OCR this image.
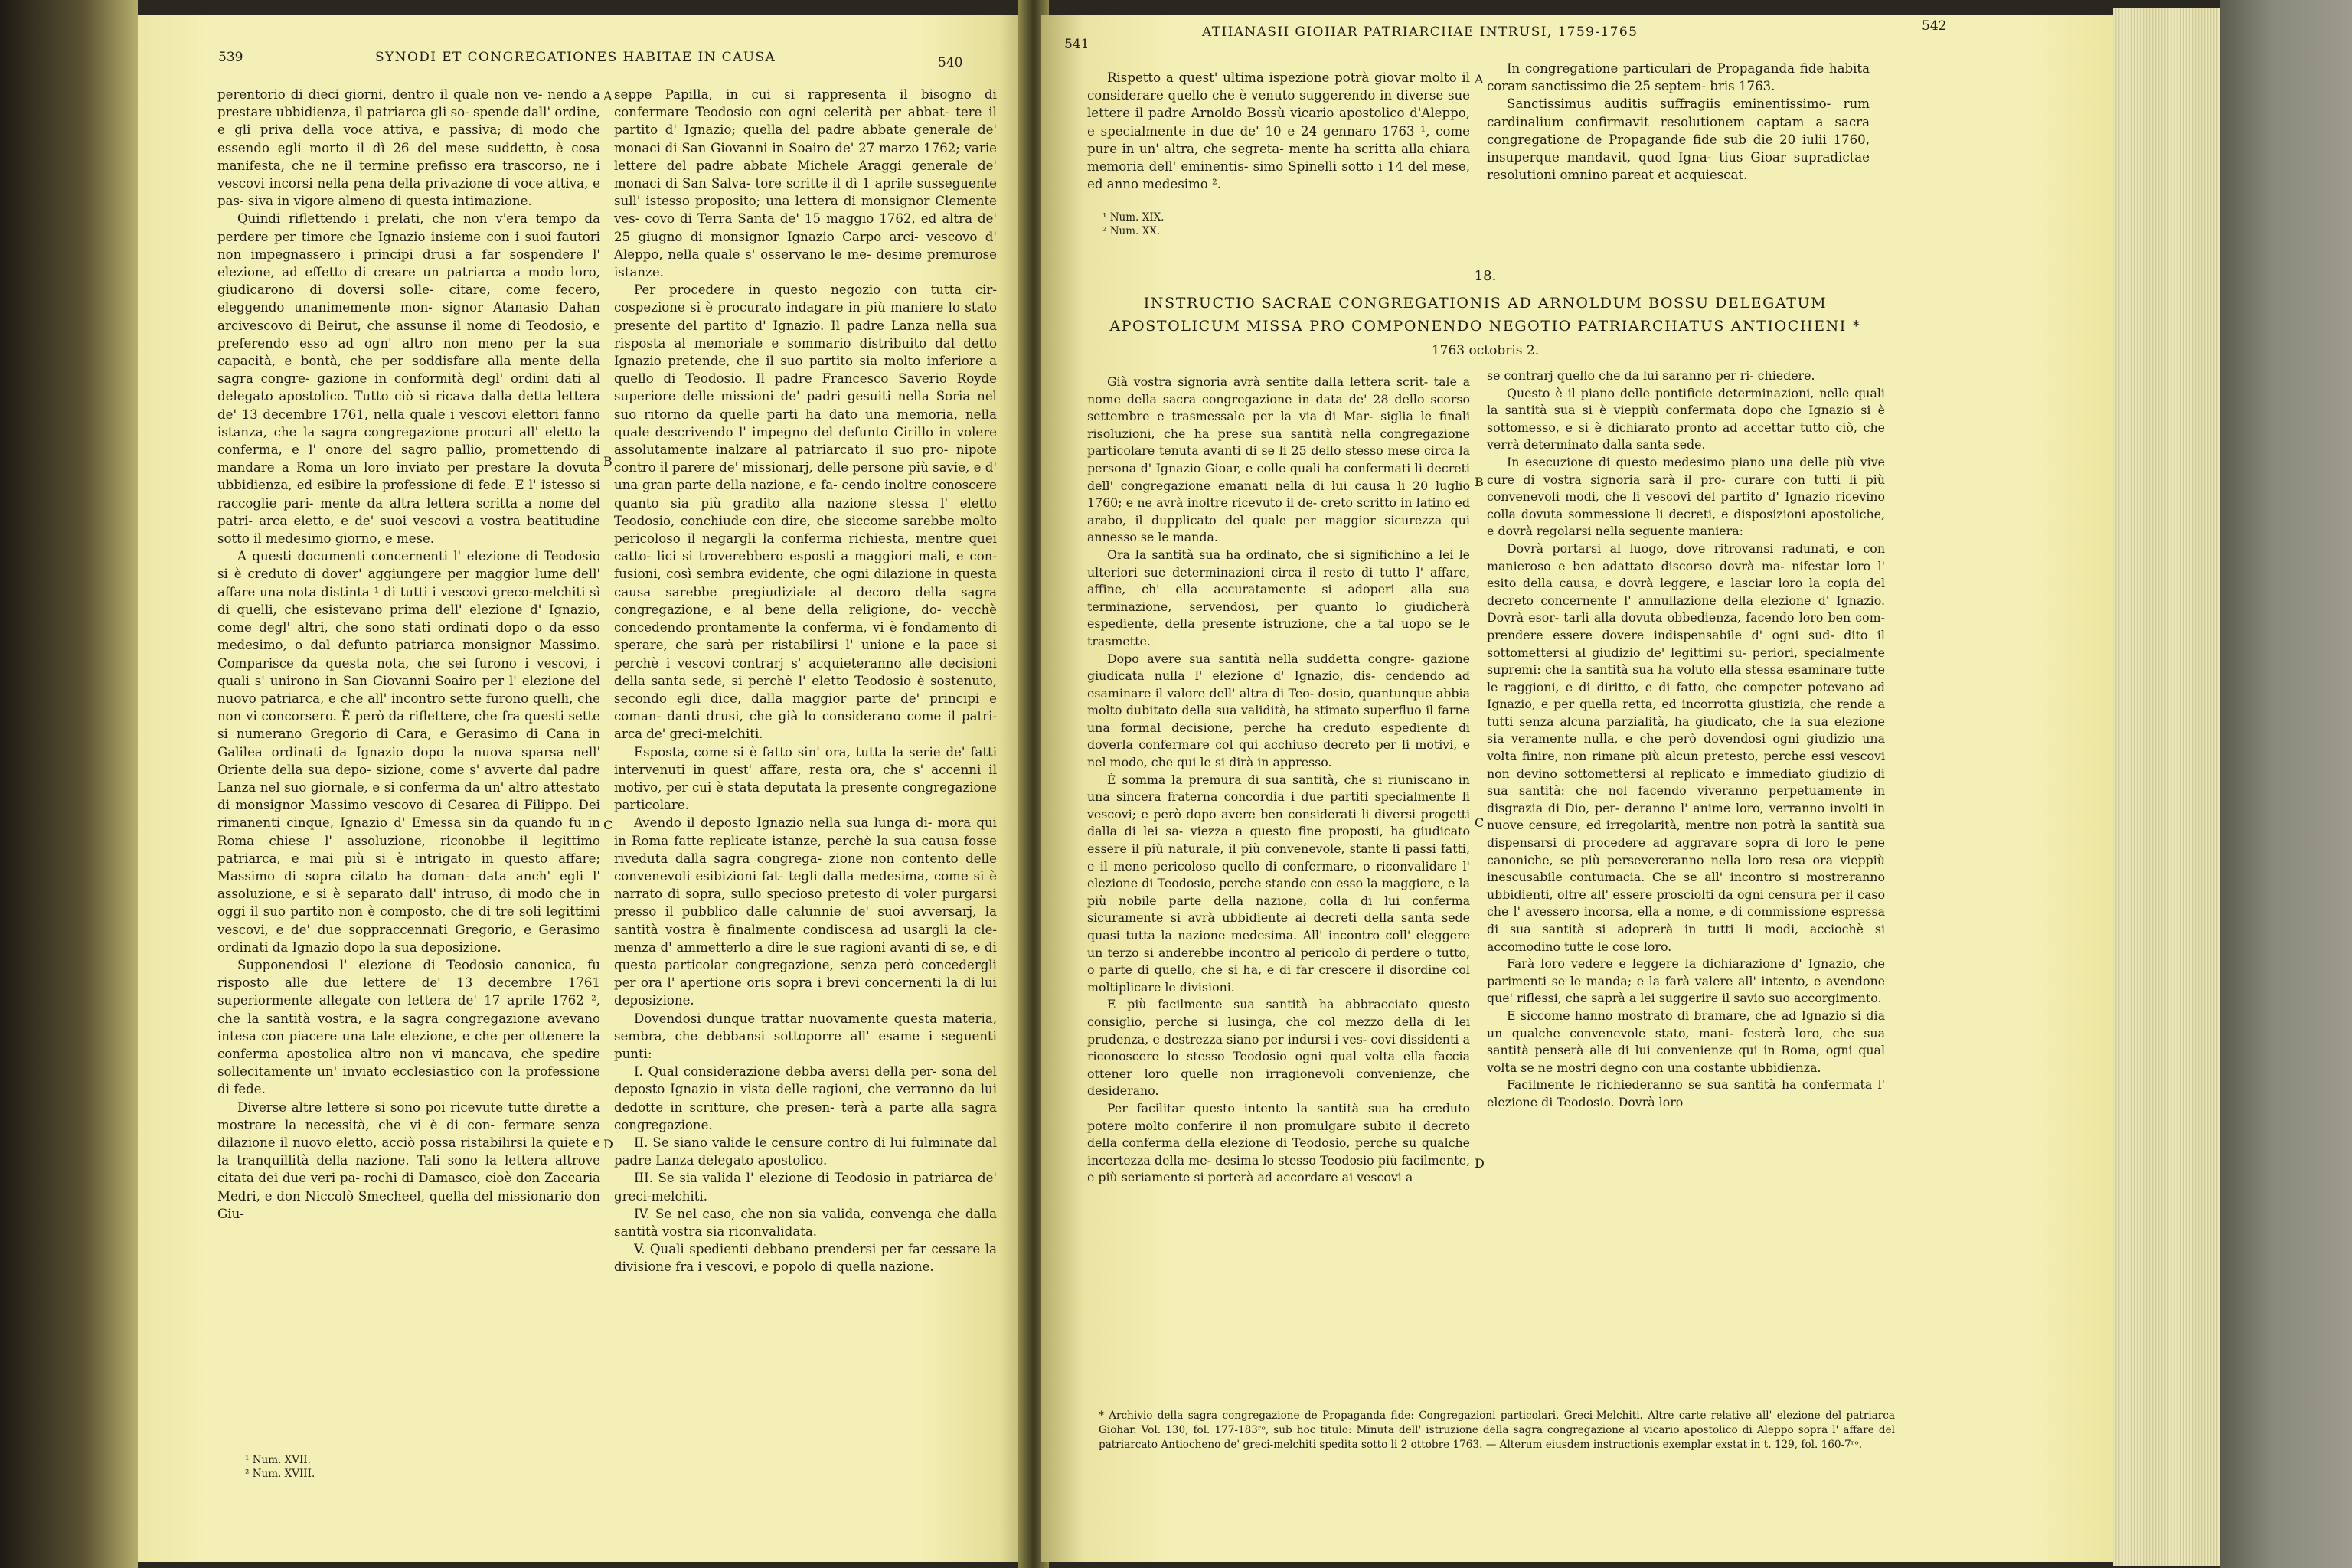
539	SYNODI ET CONGREGATIONES HABITAE IN CAUSA	540

perentorio di dieci giorni, dentro il quale non ve- nendo a prestare ubbidienza, il patriarca gli so- spende dall' ordine, e gli priva della voce attiva, e passiva; di modo che essendo egli morto il dì 26 del mese suddetto, è cosa manifesta, che ne il termine prefisso era trascorso, ne i vescovi incorsi nella pena della privazione di voce attiva, e pas- siva in vigore almeno di questa intimazione.

Quindi riflettendo i prelati, che non v'era tempo da perdere per timore che Ignazio insieme con i suoi fautori non impegnassero i principi drusi a far sospendere l' elezione, ad effetto di creare un patriarca a modo loro, giudicarono di doversi solle- citare, come fecero, eleggendo unanimemente mon- signor Atanasio Dahan arcivescovo di Beirut, che assunse il nome di Teodosio, e preferendo esso ad ogn' altro non meno per la sua capacità, e bontà, che per soddisfare alla mente della sagra congre- gazione in conformità degl' ordini dati al delegato apostolico. Tutto ciò si ricava dalla detta lettera de' 13 decembre 1761, nella quale i vescovi elettori fanno istanza, che la sagra congregazione procuri all' eletto la conferma, e l' onore del sagro pallio, promettendo di mandare a Roma un loro inviato per prestare la dovuta ubbidienza, ed esibire la professione di fede. E l' istesso si raccoglie pari- mente da altra lettera scritta a nome del patri- arca eletto, e de' suoi vescovi a vostra beatitudine sotto il medesimo giorno, e mese.

A questi documenti concernenti l' elezione di Teodosio si è creduto di dover' aggiungere per maggior lume dell' affare una nota distinta ¹ di tutti i vescovi greco-melchiti sì di quelli, che esistevano prima dell' elezione d' Ignazio, come degl' altri, che sono stati ordinati dopo o da esso medesimo, o dal defunto patriarca monsignor Massimo. Comparisce da questa nota, che sei furono i vescovi, i quali s' unirono in San Giovanni Soairo per l' elezione del nuovo patriarca, e che all' incontro sette furono quelli, che non vi concorsero. È però da riflettere, che fra questi sette si numerano Gregorio di Cara, e Gerasimo di Cana in Galilea ordinati da Ignazio dopo la nuova sparsa nell' Oriente della sua depo- sizione, come s' avverte dal padre Lanza nel suo giornale, e si conferma da un' altro attestato di monsignor Massimo vescovo di Cesarea di Filippo. Dei rimanenti cinque, Ignazio d' Emessa sin da quando fu in Roma chiese l' assoluzione, riconobbe il legittimo patriarca, e mai più si è intrigato in questo affare; Massimo di sopra citato ha doman- data anch' egli l' assoluzione, e si è separato dall' intruso, di modo che in oggi il suo partito non è composto, che di tre soli legittimi vescovi, e de' due soppraccennati Gregorio, e Gerasimo ordinati da Ignazio dopo la sua deposizione.

Supponendosi l' elezione di Teodosio canonica, fu risposto alle due lettere de' 13 decembre 1761 superiormente allegate con lettera de' 17 aprile 1762 ², che la santità vostra, e la sagra congregazione avevano intesa con piacere una tale elezione, e che per ottenere la conferma apostolica altro non vi mancava, che spedire sollecitamente un' inviato ecclesiastico con la professione di fede.

Diverse altre lettere si sono poi ricevute tutte dirette a mostrare la necessità, che vi è di con- fermare senza dilazione il nuovo eletto, acciò possa ristabilirsi la quiete e la tranquillità della nazione. Tali sono la lettera altrove citata dei due veri pa- rochi di Damasco, cioè don Zaccaria Medri, e don Niccolò Smecheel, quella del missionario don Giu-

A
B
C
D

seppe Papilla, in cui si rappresenta il bisogno di confermare Teodosio con ogni celerità per abbat- tere il partito d' Ignazio; quella del padre abbate generale de' monaci di San Giovanni in Soairo de' 27 marzo 1762; varie lettere del padre abbate Michele Araggi generale de' monaci di San Salva- tore scritte il dì 1 aprile susseguente sull' istesso proposito; una lettera di monsignor Clemente ves- covo di Terra Santa de' 15 maggio 1762, ed altra de' 25 giugno di monsignor Ignazio Carpo arci- vescovo d' Aleppo, nella quale s' osservano le me- desime premurose istanze.

Per procedere in questo negozio con tutta cir- cospezione si è procurato indagare in più maniere lo stato presente del partito d' Ignazio. Il padre Lanza nella sua risposta al memoriale e sommario distribuito dal detto Ignazio pretende, che il suo partito sia molto inferiore a quello di Teodosio. Il padre Francesco Saverio Royde superiore delle missioni de' padri gesuiti nella Soria nel suo ritorno da quelle parti ha dato una memoria, nella quale descrivendo l' impegno del defunto Cirillo in volere assolutamente inalzare al patriarcato il suo pro- nipote contro il parere de' missionarj, delle persone più savie, e d' una gran parte della nazione, e fa- cendo inoltre conoscere quanto sia più gradito alla nazione stessa l' eletto Teodosio, conchiude con dire, che siccome sarebbe molto pericoloso il negargli la conferma richiesta, mentre quei catto- lici si troverebbero esposti a maggiori mali, e con- fusioni, così sembra evidente, che ogni dilazione in questa causa sarebbe pregiudiziale al decoro della sagra congregazione, e al bene della religione, do- vecchè concedendo prontamente la conferma, vi è fondamento di sperare, che sarà per ristabilirsi l' unione e la pace si perchè i vescovi contrarj s' acquieteranno alle decisioni della santa sede, si perchè l' eletto Teodosio è sostenuto, secondo egli dice, dalla maggior parte de' principi e coman- danti drusi, che già lo considerano come il patri- arca de' greci-melchiti.

Esposta, come si è fatto sin' ora, tutta la serie de' fatti intervenuti in quest' affare, resta ora, che s' accenni il motivo, per cui è stata deputata la presente congregazione particolare.

Avendo il deposto Ignazio nella sua lunga di- mora qui in Roma fatte replicate istanze, perchè la sua causa fosse riveduta dalla sagra congrega- zione non contento delle convenevoli esibizioni fat- tegli dalla medesima, come si è narrato di sopra, sullo specioso pretesto di voler purgarsi presso il pubblico dalle calunnie de' suoi avversarj, la santità vostra è finalmente condiscesa ad usargli la cle- menza d' ammetterlo a dire le sue ragioni avanti di se, e di questa particolar congregazione, senza però concedergli per ora l' apertione oris sopra i brevi concernenti la di lui deposizione.

Dovendosi dunque trattar nuovamente questa materia, sembra, che debbansi sottoporre all' esame i seguenti punti:

I. Qual considerazione debba aversi della per- sona del deposto Ignazio in vista delle ragioni, che verranno da lui dedotte in scritture, che presen- terà a parte alla sagra congregazione.

II. Se siano valide le censure contro di lui fulminate dal padre Lanza delegato apostolico.

III. Se sia valida l' elezione di Teodosio in patriarca de' greci-melchiti.

IV. Se nel caso, che non sia valida, convenga che dalla santità vostra sia riconvalidata.

V. Quali spedienti debbano prendersi per far cessare la divisione fra i vescovi, e popolo di quella nazione.

¹ Num. XVII.
² Num. XVIII.
541
ATHANASII GIOHAR PATRIARCHAE INTRUSI, 1759-1765	542

Rispetto a quest' ultima ispezione potrà giovar molto il considerare quello che è venuto suggerendo in diverse sue lettere il padre Arnoldo Bossù vicario apostolico d'Aleppo, e specialmente in due de' 10 e 24 gennaro 1763 ¹, come pure in un' altra, che segreta- mente ha scritta alla chiara memoria dell' eminentis- simo Spinelli sotto i 14 del mese, ed anno medesimo ².

¹ Num. XIX.
² Num. XX.
A

In congregatione particulari de Propaganda fide habita coram sanctissimo die 25 septem- bris 1763.

Sanctissimus auditis suffragiis eminentissimo- rum cardinalium confirmavit resolutionem captam a sacra congregatione de Propagande fide sub die 20 iulii 1760, insuperque mandavit, quod Igna- tius Gioar supradictae resolutioni omnino pareat et acquiescat.

18.
INSTRUCTIO SACRAE CONGREGATIONIS AD ARNOLDUM BOSSU DELEGATUM
APOSTOLICUM MISSA PRO COMPONENDO NEGOTIO PATRIARCHATUS ANTIOCHENI *
1763 octobris 2.

Già vostra signoria avrà sentite dalla lettera scrit- tale a nome della sacra congregazione in data de' 28 dello scorso settembre e trasmessale per la via di Mar- siglia le finali risoluzioni, che ha prese sua santità nella congregazione particolare tenuta avanti di se li 25 dello stesso mese circa la persona d' Ignazio Gioar, e colle quali ha confermati li decreti dell' congregazione emanati nella di lui causa li 20 luglio 1760; e ne avrà inoltre ricevuto il de- creto scritto in latino ed arabo, il dupplicato del quale per maggior sicurezza qui annesso se le manda.

Ora la santità sua ha ordinato, che si significhino a lei le ulteriori sue determinazioni circa il resto di tutto l' affare, affine, ch' ella accuratamente si adoperi alla sua terminazione, servendosi, per quanto lo giudicherà espediente, della presente istruzione, che a tal uopo se le trasmette.

Dopo avere sua santità nella suddetta congre- gazione giudicata nulla l' elezione d' Ignazio, dis- cendendo ad esaminare il valore dell' altra di Teo- dosio, quantunque abbia molto dubitato della sua validità, ha stimato superfluo il farne una formal decisione, perche ha creduto espediente di doverla confermare col qui acchiuso decreto per li motivi, e nel modo, che qui le si dirà in appresso.

È somma la premura di sua santità, che si riuniscano in una sincera fraterna concordia i due partiti specialmente li vescovi; e però dopo avere ben considerati li diversi progetti dalla di lei sa- viezza a questo fine proposti, ha giudicato essere il più naturale, il più convenevole, stante li passi fatti, e il meno pericoloso quello di confermare, o riconvalidare l' elezione di Teodosio, perche stando con esso la maggiore, e la più nobile parte della nazione, colla di lui conferma sicuramente si avrà ubbidiente ai decreti della santa sede quasi tutta la nazione medesima. All' incontro coll' eleggere un terzo si anderebbe incontro al pericolo di perdere o tutto, o parte di quello, che si ha, e di far crescere il disordine col moltiplicare le divisioni.

E più facilmente sua santità ha abbracciato questo consiglio, perche si lusinga, che col mezzo della di lei prudenza, e destrezza siano per indursi i ves- covi dissidenti a riconoscere lo stesso Teodosio ogni qual volta ella faccia ottener loro quelle non irragionevoli convenienze, che desiderano.

Per facilitar questo intento la santità sua ha creduto potere molto conferire il non promulgare subito il decreto della conferma della elezione di Teodosio, perche su qualche incertezza della me- desima lo stesso Teodosio più facilmente, e più seriamente si porterà ad accordare ai vescovi a

B
C
D

se contrarj quello che da lui saranno per ri- chiedere.

Questo è il piano delle pontificie determinazioni, nelle quali la santità sua si è vieppiù confermata dopo che Ignazio si è sottomesso, e si è dichiarato pronto ad accettar tutto ciò, che verrà determinato dalla santa sede.

In esecuzione di questo medesimo piano una delle più vive cure di vostra signoria sarà il pro- curare con tutti li più convenevoli modi, che li vescovi del partito d' Ignazio ricevino colla dovuta sommessione li decreti, e disposizioni apostoliche, e dovrà regolarsi nella seguente maniera:

Dovrà portarsi al luogo, dove ritrovansi radunati, e con manieroso e ben adattato discorso dovrà ma- nifestar loro l' esito della causa, e dovrà leggere, e lasciar loro la copia del decreto concernente l' annullazione della elezione d' Ignazio. Dovrà esor- tarli alla dovuta obbedienza, facendo loro ben com- prendere essere dovere indispensabile d' ogni sud- dito il sottomettersi al giudizio de' legittimi su- periori, specialmente supremi: che la santità sua ha voluto ella stessa esaminare tutte le raggioni, e di diritto, e di fatto, che competer potevano ad Ignazio, e per quella retta, ed incorrotta giustizia, che rende a tutti senza alcuna parzialità, ha giudicato, che la sua elezione sia veramente nulla, e che però dovendosi ogni giudizio una volta finire, non rimane più alcun pretesto, perche essi vescovi non devino sottomettersi al replicato e immediato giudizio di sua santità: che nol facendo viveranno perpetuamente in disgrazia di Dio, per- deranno l' anime loro, verranno involti in nuove censure, ed irregolarità, mentre non potrà la santità sua dispensarsi di procedere ad aggravare sopra di loro le pene canoniche, se più persevereranno nella loro resa ora vieppiù inescusabile contumacia. Che se all' incontro si mostreranno ubbidienti, oltre all' essere prosciolti da ogni censura per il caso che l' avessero incorsa, ella a nome, e di commissione espressa di sua santità si adoprerà in tutti li modi, acciochè si accomodino tutte le cose loro.

Farà loro vedere e leggere la dichiarazione d' Ignazio, che parimenti se le manda; e la farà valere all' intento, e avendone que' riflessi, che saprà a lei suggerire il savio suo accorgimento.

E siccome hanno mostrato di bramare, che ad Ignazio si dia un qualche convenevole stato, mani- festerà loro, che sua santità penserà alle di lui convenienze qui in Roma, ogni qual volta se ne mostri degno con una costante ubbidienza.

Facilmente le richiederanno se sua santità ha confermata l' elezione di Teodosio. Dovrà loro

* Archivio della sagra congregazione de Propaganda fide: Congregazioni particolari. Greci-Melchiti. Altre carte relative all' elezione del patriarca Giohar. Vol. 130, fol. 177-183ʳᵒ, sub hoc titulo: Minuta dell' istruzione della sagra congregazione al vicario apostolico di Aleppo sopra l' affare del patriarcato Antiocheno de' greci-melchiti spedita sotto li 2 ottobre 1763. — Alterum eiusdem instructionis exemplar exstat in t. 129, fol. 160-7ʳᵒ.
